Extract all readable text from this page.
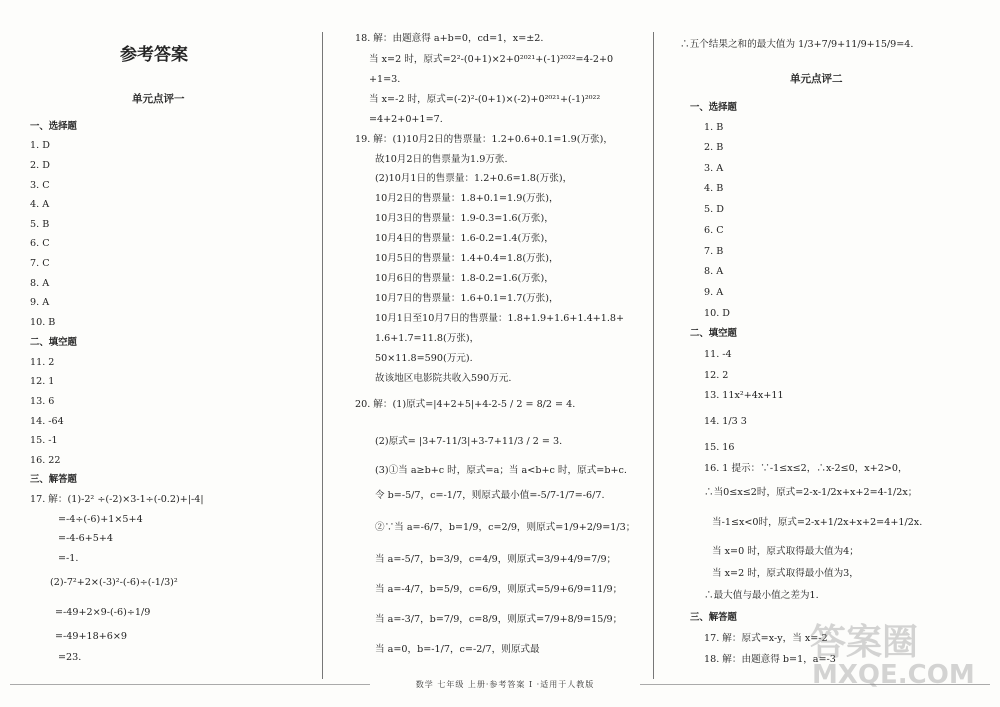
参考答案
单元点评一
一、选择题
1. D
2. D
3. C
4. A
5. B
6. C
7. C
8. A
9. A
10. B
二、填空题
11. 2
12. 1
13. 6
14. -64
15. -1
16. 22
三、解答题
17. 解：(1)-2² ÷(-2)×3-1÷(-0.2)+|-4|
=-4÷(-6)+1×5+4
=-4-6+5+4
=-1.
(2)-7²+2×(-3)²-(-6)÷(-1/3)²
=-49+2×9-(-6)÷1/9
=-49+18+6×9
=23.
18. 解：由题意得 a+b=0，cd=1，x=±2.
当 x=2 时，原式=2²-(0+1)×2+0²⁰²¹+(-1)²⁰²²=4-2+0
+1=3.
当 x=-2 时，原式=(-2)²-(0+1)×(-2)+0²⁰²¹+(-1)²⁰²²
=4+2+0+1=7.
19. 解：(1)10月2日的售票量：1.2+0.6+0.1=1.9(万张)，
故10月2日的售票量为1.9万张.
(2)10月1日的售票量：1.2+0.6=1.8(万张)，
10月2日的售票量：1.8+0.1=1.9(万张)，
10月3日的售票量：1.9-0.3=1.6(万张)，
10月4日的售票量：1.6-0.2=1.4(万张)，
10月5日的售票量：1.4+0.4=1.8(万张)，
10月6日的售票量：1.8-0.2=1.6(万张)，
10月7日的售票量：1.6+0.1=1.7(万张)，
10月1日至10月7日的售票量：1.8+1.9+1.6+1.4+1.8+
1.6+1.7=11.8(万张)，
50×11.8=590(万元).
故该地区电影院共收入590万元.
20. 解：(1)原式=|4+2+5|+4-2-5 / 2 = 8/2 = 4.
(2)原式= |3+7-11/3|+3-7+11/3 / 2 = 3.
(3)①当 a≥b+c 时，原式=a；当 a<b+c 时，原式=b+c.
令 b=-5/7，c=-1/7，则原式最小值=-5/7-1/7=-6/7.
②∵当 a=-6/7，b=1/9，c=2/9，则原式=1/9+2/9=1/3；
当 a=-5/7，b=3/9，c=4/9，则原式=3/9+4/9=7/9；
当 a=-4/7，b=5/9，c=6/9，则原式=5/9+6/9=11/9；
当 a=-3/7，b=7/9，c=8/9，则原式=7/9+8/9=15/9；
当 a=0，b=-1/7，c=-2/7，则原式最
∴五个结果之和的最大值为 1/3+7/9+11/9+15/9=4.
单元点评二
一、选择题
1. B
2. B
3. A
4. B
5. D
6. C
7. B
8. A
9. A
10. D
二、填空题
11. -4
12. 2
13. 11x²+4x+11
14. 1/3 3
15. 16
16. 1 提示：∵-1≤x≤2，∴x-2≤0，x+2>0，
∴当0≤x≤2时，原式=2-x-1/2x+x+2=4-1/2x；
当-1≤x<0时，原式=2-x+1/2x+x+2=4+1/2x.
当 x=0 时，原式取得最大值为4；
当 x=2 时，原式取得最小值为3，
∴最大值与最小值之差为1.
三、解答题
17. 解：原式=x-y，当 x=-2
18. 解：由题意得 b=1，a=-3
数学 七年级 上册·参考答案 I ·适用于人教版
答案圈
MXQE.COM
